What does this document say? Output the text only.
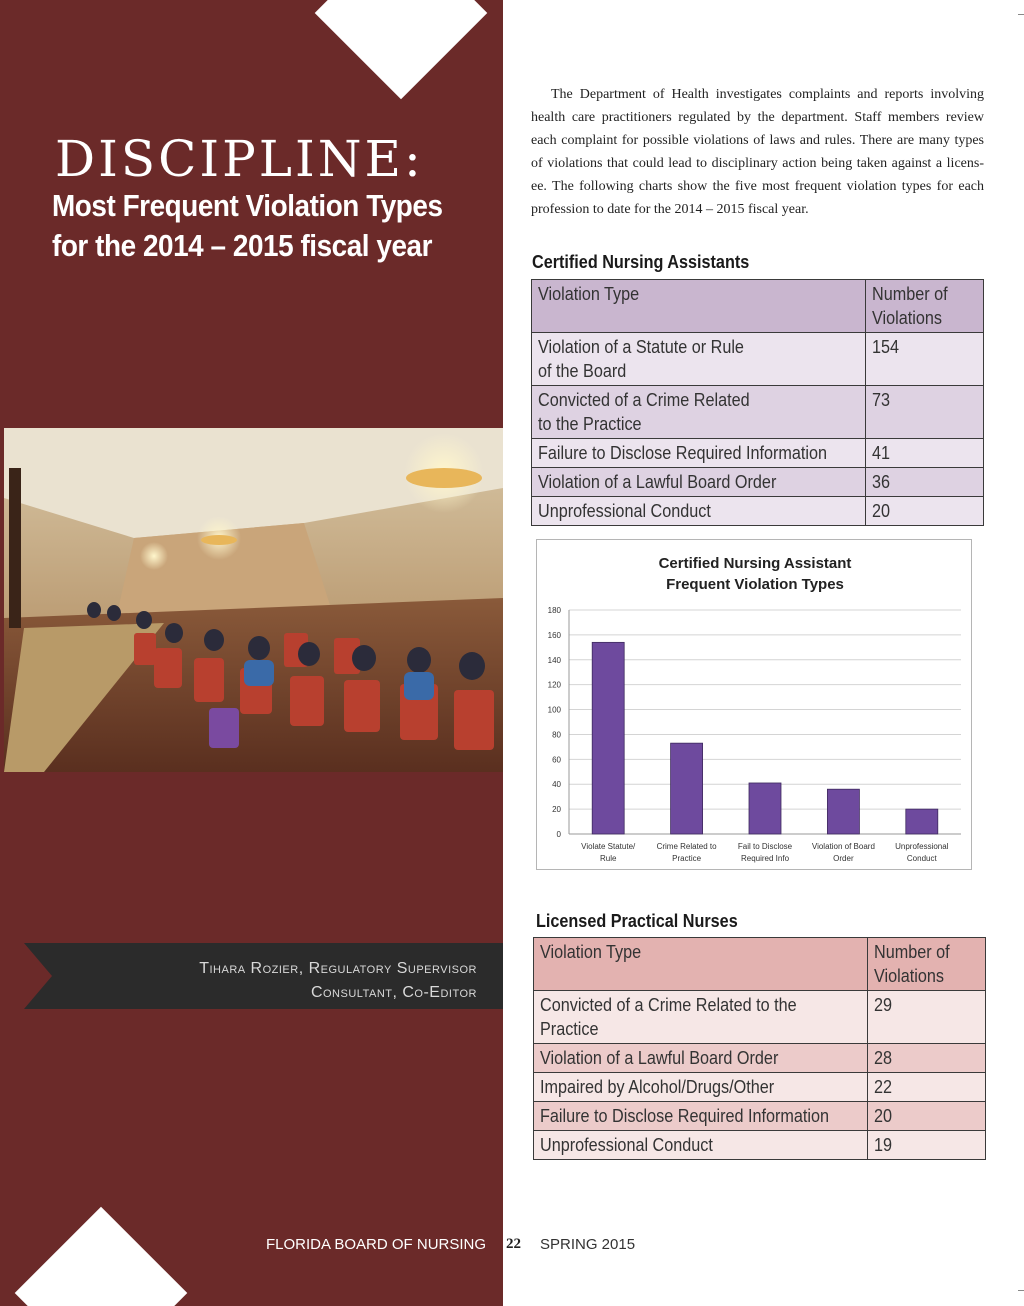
DISCIPLINE:
Most Frequent Violation Types for the 2014 – 2015 fiscal year
Tihara Rozier, Regulatory Supervisor
Consultant, Co-Editor
The Department of Health investigates complaints and reports involving health care practitioners regulated by the department. Staff members review each complaint for possible violations of laws and rules. There are many types of violations that could lead to disciplinary action being taken against a licens- ee. The following charts show the five most frequent violation types for each profession to date for the 2014 – 2015 fiscal year.
Certified Nursing Assistants
Violation Type	Number of
Violations

Violation of a Statute or Rule
of the Board	154

Convicted of a Crime Related
to the Practice	73

Failure to Disclose Required Information	41

Violation of a Lawful Board Order	36

Unprofessional Conduct	20
Certified Nursing Assistant
Frequent Violation Types
0
20
40
60
80
100
120
140
160
180
Violate Statute/
Rule
Crime Related to
Practice
Fail to Disclose
Required Info
Violation of Board
Order
Unprofessional
Conduct
Licensed Practical Nurses
Violation Type	Number of
Violations

Convicted of a Crime Related to the
Practice	29

Violation of a Lawful Board Order	28

Impaired by Alcohol/Drugs/Other	22

Failure to Disclose Required Information	20

Unprofessional Conduct	19
FLORIDA BOARD OF NURSING 22 SPRING 2015
